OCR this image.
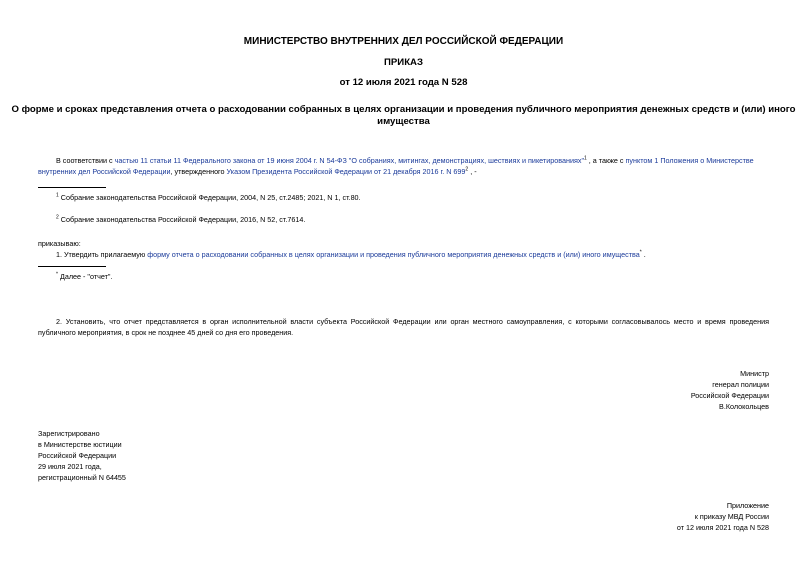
МИНИСТЕРСТВО ВНУТРЕННИХ ДЕЛ РОССИЙСКОЙ ФЕДЕРАЦИИ
ПРИКАЗ
от 12 июля 2021 года N 528
О форме и сроках представления отчета о расходовании собранных в целях организации и проведения публичного мероприятия денежных средств и (или) иного
имущества
В соответствии с частью 11 статьи 11 Федерального закона от 19 июня 2004 г. N 54-ФЗ "О собраниях, митингах, демонстрациях, шествиях и пикетированиях"$^1$ , а также с пунктом 1 Положения о Министерстве
внутренних дел Российской Федерации, утвержденного Указом Президента Российской Федерации от 21 декабря 2016 г. N $699^2$ , -
$^1$ Собрание законодательства Российской Федерации, 2004, N 25, ст.2485; 2021, N 1, ст.80.
$^2$ Собрание законодательства Российской Федерации, 2016, N 52, ст.7614.
приказываю:
1. Утвердить прилагаемую форму отчета о расходовании собранных в целях организации и проведения публичного мероприятия денежных средств и (или) иного имущества* .
* Далее - "отчет".
2. Установить, что отчет представляется в орган исполнительной власти субъекта Российской Федерации или орган местного самоуправления, с которыми согласовывалось место и время проведения
публичного мероприятия, в срок не позднее 45 дней со дня его проведения.
Министр
генерал полиции
Российской Федерации
В.Колокольцев
Зарегистрировано
в Министерстве юстиции
Российской Федерации
29 июля 2021 года,
регистрационный N 64455
Приложение
к приказу МВД России
от 12 июля 2021 года N 528
